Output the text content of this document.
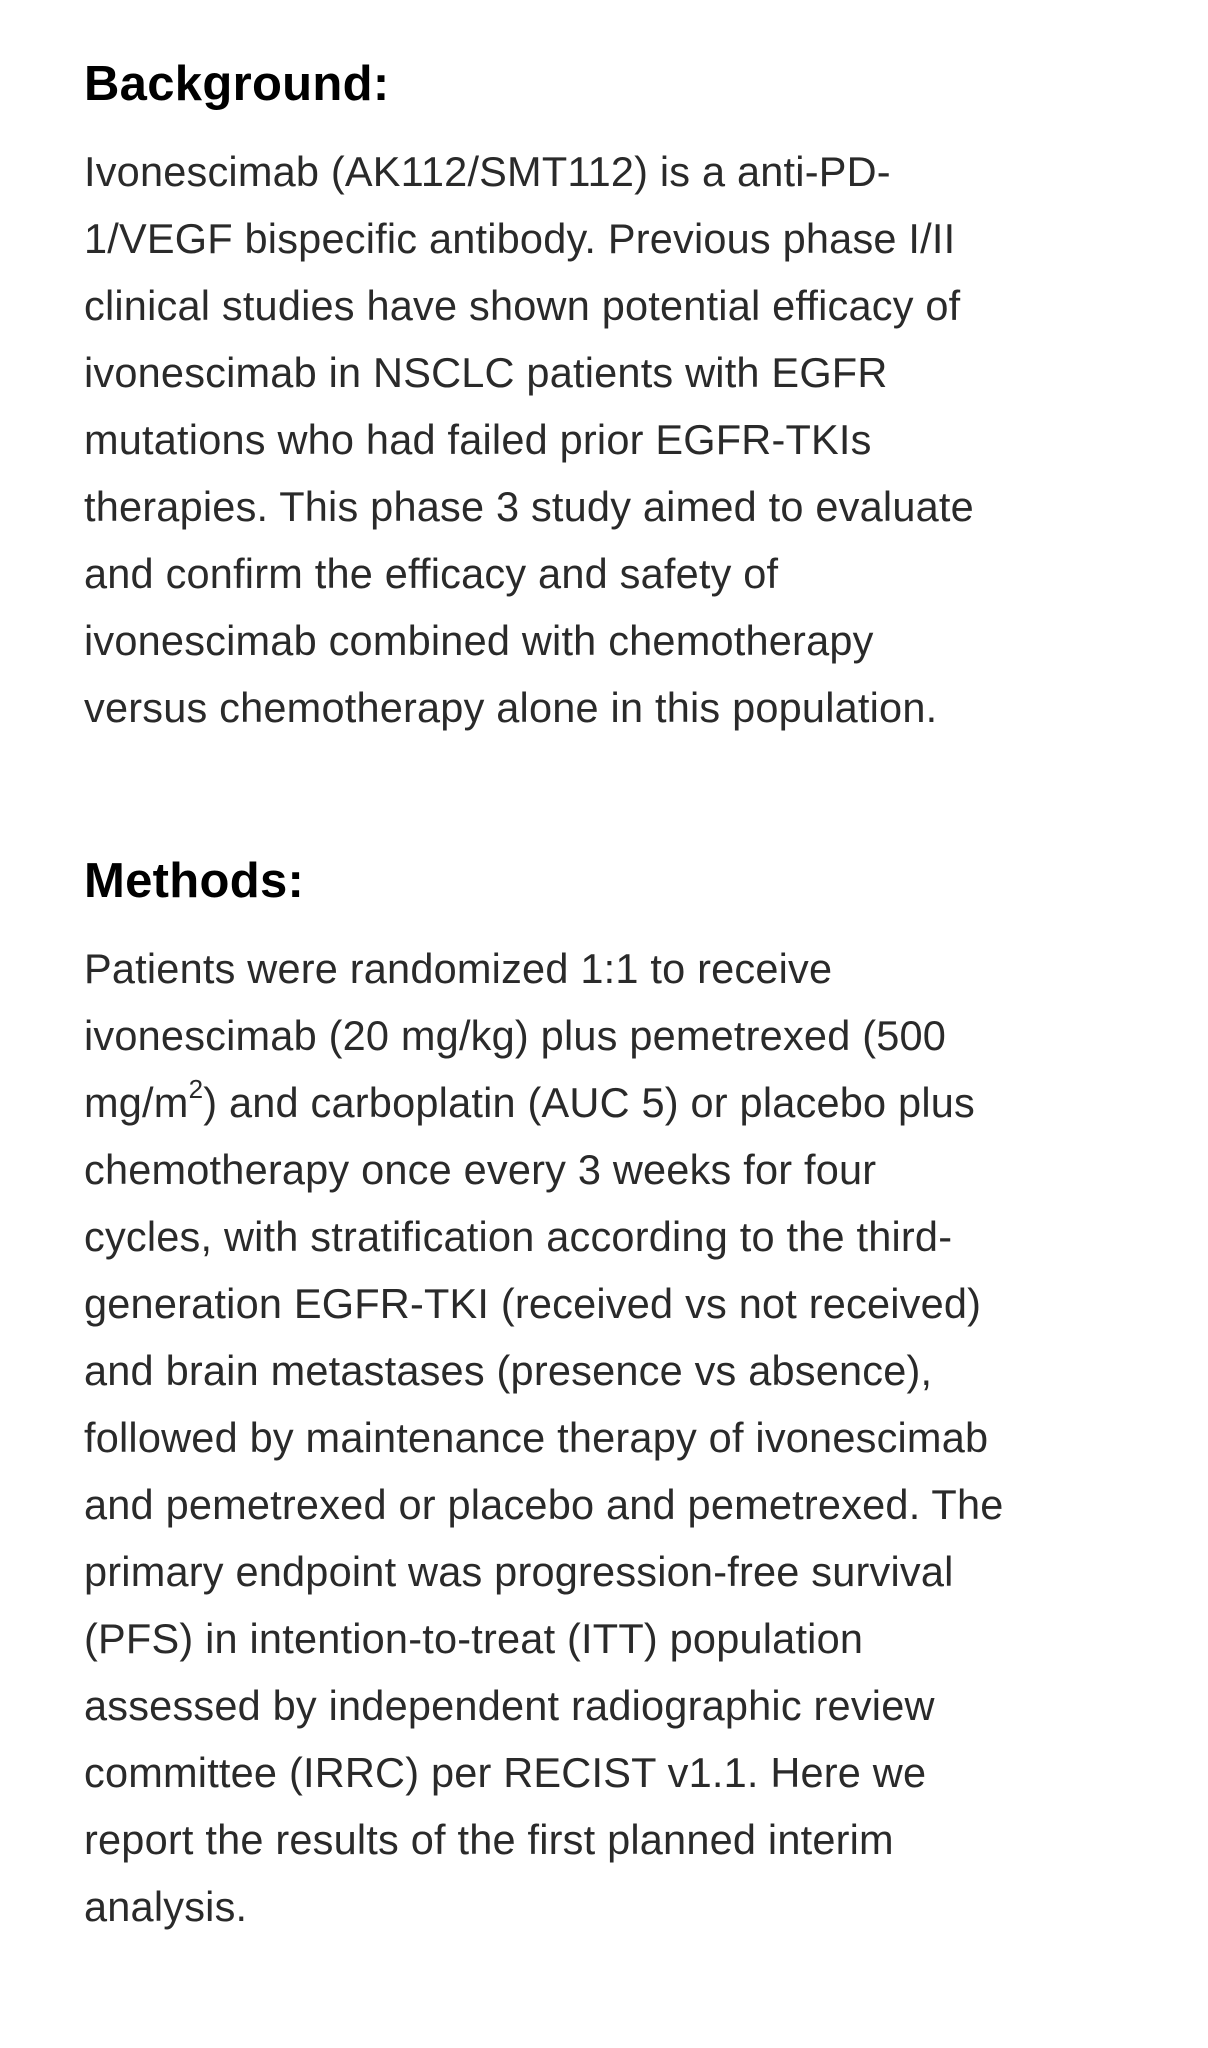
Background:
Ivonescimab (AK112/SMT112) is a anti-PD-
1/VEGF bispecific antibody. Previous phase I/II
clinical studies have shown potential efficacy of
ivonescimab in NSCLC patients with EGFR
mutations who had failed prior EGFR-TKIs
therapies. This phase 3 study aimed to evaluate
and confirm the efficacy and safety of
ivonescimab combined with chemotherapy
versus chemotherapy alone in this population.
Methods:
Patients were randomized 1:1 to receive
ivonescimab (20 mg/kg) plus pemetrexed (500
$mg/m^2$) and carboplatin (AUC 5) or placebo plus
chemotherapy once every 3 weeks for four
cycles, with stratification according to the third-
generation EGFR-TKI (received vs not received)
and brain metastases (presence vs absence),
followed by maintenance therapy of ivonescimab
and pemetrexed or placebo and pemetrexed. The
primary endpoint was progression-free survival
(PFS) in intention-to-treat (ITT) population
assessed by independent radiographic review
committee (IRRC) per RECIST v1.1. Here we
report the results of the first planned interim
analysis.
